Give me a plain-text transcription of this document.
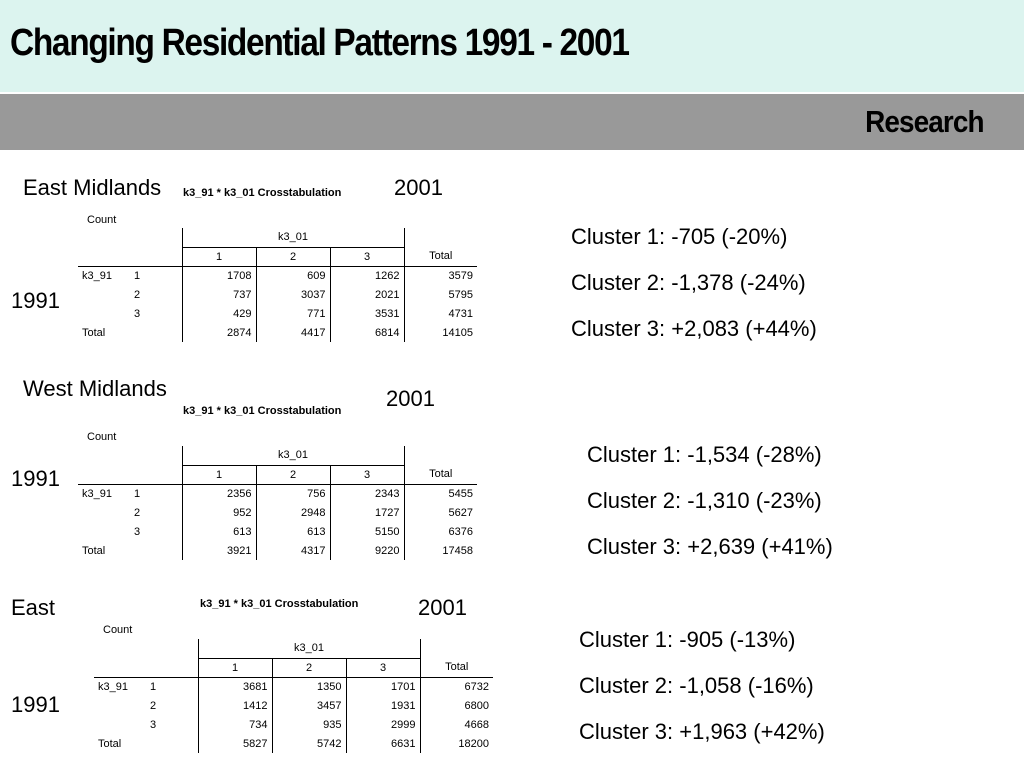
Changing Residential Patterns 1991 - 2001
Research
East Midlands k3_91 * k3_01 Crosstabulation 2001
1991
Count
		k3_01			
		1	2	3	Total
k3_91	1	1708	609	1262	3579
	2	737	3037	2021	5795
	3	429	771	3531	4731
Total		2874	4417	6814	14105
Cluster 1: -705 (-20%)
Cluster 2: -1,378 (-24%)
Cluster 3: +2,083 (+44%)
West Midlands
k3_91 * k3_01 Crosstabulation 2001
1991
Count
		k3_01			
		1	2	3	Total
k3_91	1	2356	756	2343	5455
	2	952	2948	1727	5627
	3	613	613	5150	6376
Total		3921	4317	9220	17458
Cluster 1: -1,534 (-28%)
Cluster 2: -1,310 (-23%)
Cluster 3: +2,639 (+41%)
East	k3_91 * k3_01 Crosstabulation	2001
1991
Count
		k3_01			
		1	2	3	Total
k3_91	1	3681	1350	1701	6732
	2	1412	3457	1931	6800
	3	734	935	2999	4668
Total		5827	5742	6631	18200
Cluster 1: -905 (-13%)
Cluster 2: -1,058 (-16%)
Cluster 3: +1,963 (+42%)
